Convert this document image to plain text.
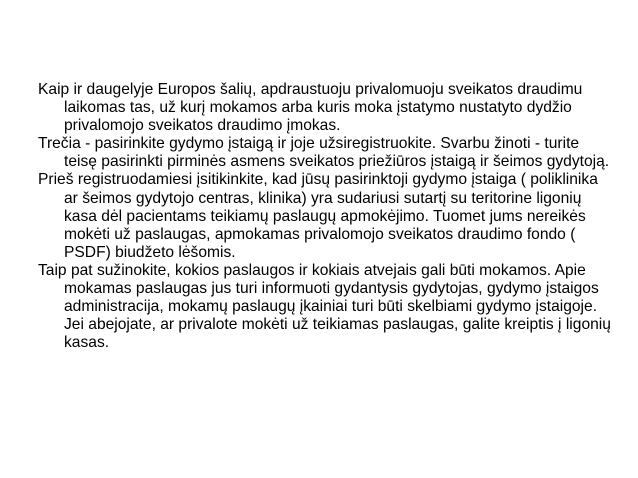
Kaip ir daugelyje Europos šalių, apdraustuoju privalomuoju sveikatos draudimu laikomas tas, už kurį mokamos arba kuris moka įstatymo nustatyto dydžio privalomojo sveikatos draudimo įmokas.

Trečia - pasirinkite gydymo įstaigą ir joje užsiregistruokite. Svarbu žinoti - turite teisę pasirinkti pirminės asmens sveikatos priežiūros įstaigą ir šeimos gydytoją.

Prieš registruodamiesi įsitikinkite, kad jūsų pasirinktoji gydymo įstaiga ( poliklinika ar šeimos gydytojo centras, klinika) yra sudariusi sutartį su teritorine ligonių kasa dėl pacientams teikiamų paslaugų apmokėjimo. Tuomet jums nereikės mokėti už paslaugas, apmokamas privalomojo sveikatos draudimo fondo ( PSDF) biudžeto lėšomis.

Taip pat sužinokite, kokios paslaugos ir kokiais atvejais gali būti mokamos. Apie mokamas paslaugas jus turi informuoti gydantysis gydytojas, gydymo įstaigos administracija, mokamų paslaugų įkainiai turi būti skelbiami gydymo įstaigoje. Jei abejojate, ar privalote mokėti už teikiamas paslaugas, galite kreiptis į ligonių kasas.
